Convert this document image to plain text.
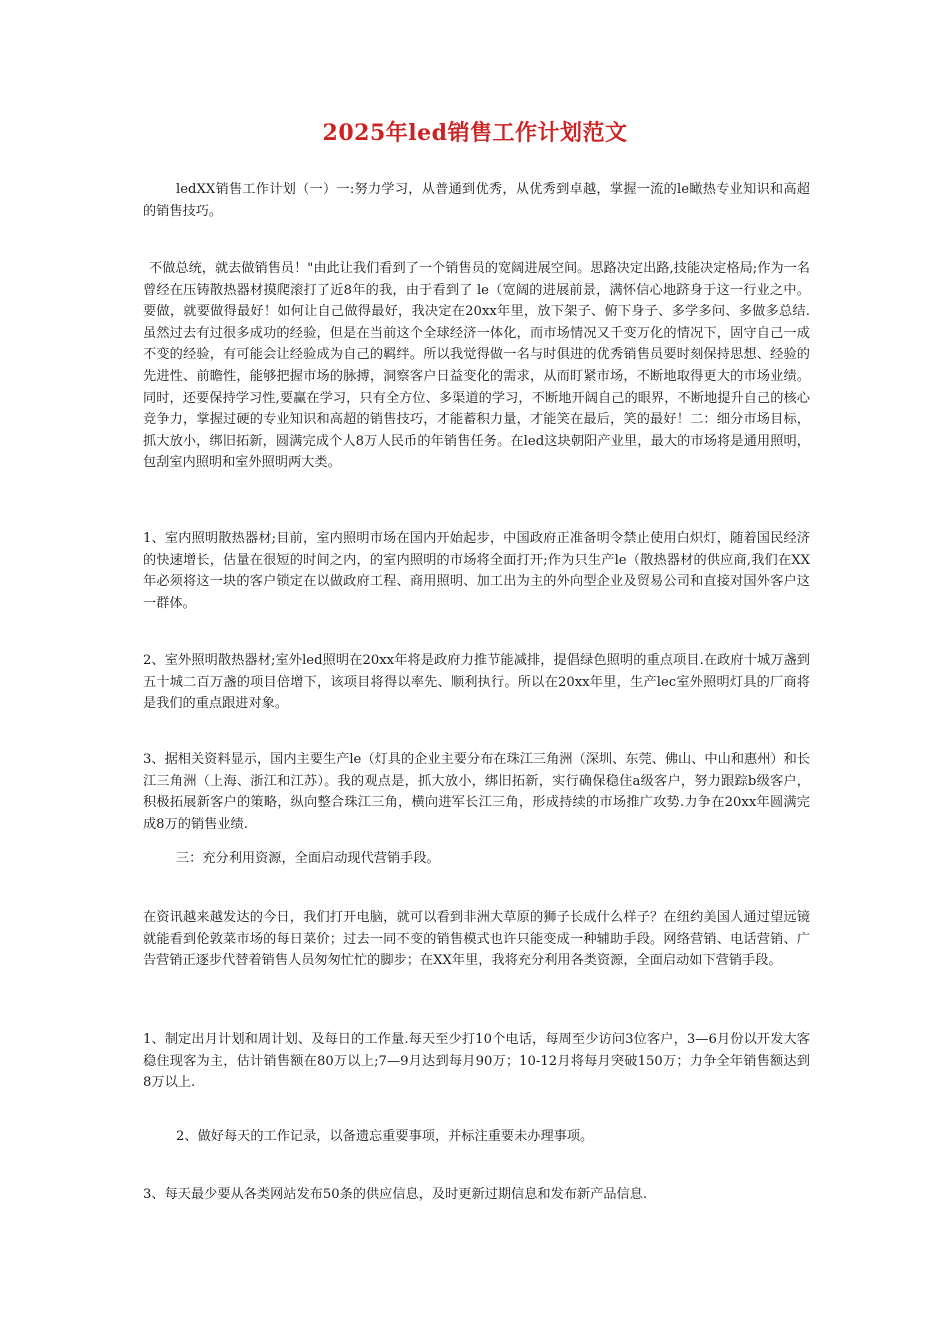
2025年led销售工作计划范文

ledXX销售工作计划（一）一:努力学习，从普通到优秀，从优秀到卓越，掌握一流的le瞰热专业知识和高超的销售技巧。

不做总统，就去做销售员！"由此让我们看到了一个销售员的宽阔进展空间。思路决定出路,技能决定格局;作为一名曾经在压铸散热器材摸爬滚打了近8年的我，由于看到了 le（宽阔的进展前景，满怀信心地跻身于这一行业之中。要做，就要做得最好！如何让自己做得最好，我决定在20xx年里，放下架子、俯下身子、多学多问、多做多总结.虽然过去有过很多成功的经验，但是在当前这个全球经济一体化，而市场情况又千变万化的情况下，固守自己一成不变的经验，有可能会让经验成为自己的羁绊。所以我觉得做一名与时俱进的优秀销售员要时刻保持思想、经验的先进性、前瞻性，能够把握市场的脉搏，洞察客户日益变化的需求，从而盯紧市场，不断地取得更大的市场业绩。同时，还要保持学习性,要赢在学习，只有全方位、多渠道的学习，不断地开阔自己的眼界，不断地提升自己的核心竞争力，掌握过硬的专业知识和高超的销售技巧，才能蓄积力量，才能笑在最后，笑的最好！二：细分市场目标，抓大放小，绑旧拓新，圆满完成个人8万人民币的年销售任务。在led这块朝阳产业里，最大的市场将是通用照明，包刮室内照明和室外照明两大类。

1、室内照明散热器材;目前，室内照明市场在国内开始起步，中国政府正准备明令禁止使用白炽灯，随着国民经济的快速增长，估量在很短的时间之内，的室内照明的市场将全面打开;作为只生产le（散热器材的供应商,我们在XX年必须将这一块的客户锁定在以做政府工程、商用照明、加工出为主的外向型企业及贸易公司和直接对国外客户这一群体。

2、室外照明散热器材;室外led照明在20xx年将是政府力推节能减排，提倡绿色照明的重点项目.在政府十城万盏到五十城二百万盏的项目倍增下，该项目将得以率先、顺利执行。所以在20xx年里，生产lec室外照明灯具的厂商将是我们的重点跟进对象。

3、据相关资料显示，国内主要生产le（灯具的企业主要分布在珠江三角洲（深圳、东莞、佛山、中山和惠州）和长江三角洲（上海、浙江和江苏）。我的观点是，抓大放小，绑旧拓新，实行确保稳住a级客户，努力跟踪b级客户，积极拓展新客户的策略，纵向整合珠江三角，横向进军长江三角，形成持续的市场推广攻势.力争在20xx年圆满完成8万的销售业绩.

三：充分利用资源，全面启动现代营销手段。

在资讯越来越发达的今日，我们打开电脑，就可以看到非洲大草原的狮子长成什么样子？在纽约美国人通过望远镜就能看到伦敦菜市场的每日菜价；过去一同不变的销售模式也许只能变成一种辅助手段。网络营销、电话营销、广告营销正逐步代替着销售人员匆匆忙忙的脚步；在XX年里，我将充分利用各类资源，全面启动如下营销手段。

1、制定出月计划和周计划、及每日的工作量.每天至少打10个电话，每周至少访问3位客户，3—6月份以开发大客稳住现客为主，估计销售额在80万以上;7—9月达到每月90万；10-12月将每月突破150万；力争全年销售额达到8万以上.

2、做好每天的工作记录，以备遗忘重要事项，并标注重要未办理事项。

3、每天最少要从各类网站发布50条的供应信息，及时更新过期信息和发布新产品信息.
